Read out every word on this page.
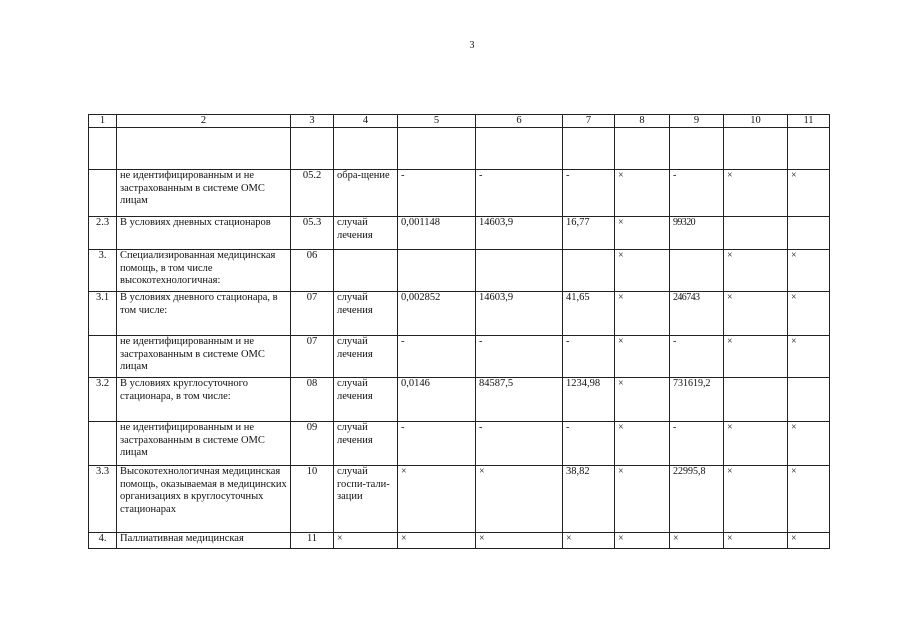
3
1	2	3	4	5	6	7	8	9	10	11

	не идентифицированным и не застрахованным в системе ОМС лицам	05.2	обра-щение	-	-	-	×	-	×	×
2.3	В условиях дневных стационаров	05.3	случай лечения	0,001148	14603,9	16,77	×	99320		
3.	Специализированная медицинская помощь, в том числе высокотехнологичная:	06					×		×	×
3.1	В условиях дневного стационара, в том числе:	07	случай лечения	0,002852	14603,9	41,65	×	246743	×	×
	не идентифицированным и не застрахованным в системе ОМС лицам	07	случай лечения	-	-	-	×	-	×	×
3.2	В условиях круглосуточного стационара, в том числе:	08	случай лечения	0,0146	84587,5	1234,98	×	731619,2		
	не идентифицированным и не застрахованным в системе ОМС лицам	09	случай лечения	-	-	-	×	-	×	×
3.3	Высокотехнологичная медицинская помощь, оказываемая в медицинских организациях в круглосуточных стационарах	10	случай госпи-тали-зации	×	×	38,82	×	22995,8	×	×
4.	Паллиативная медицинская	11	×	×	×	×	×	×	×	×
